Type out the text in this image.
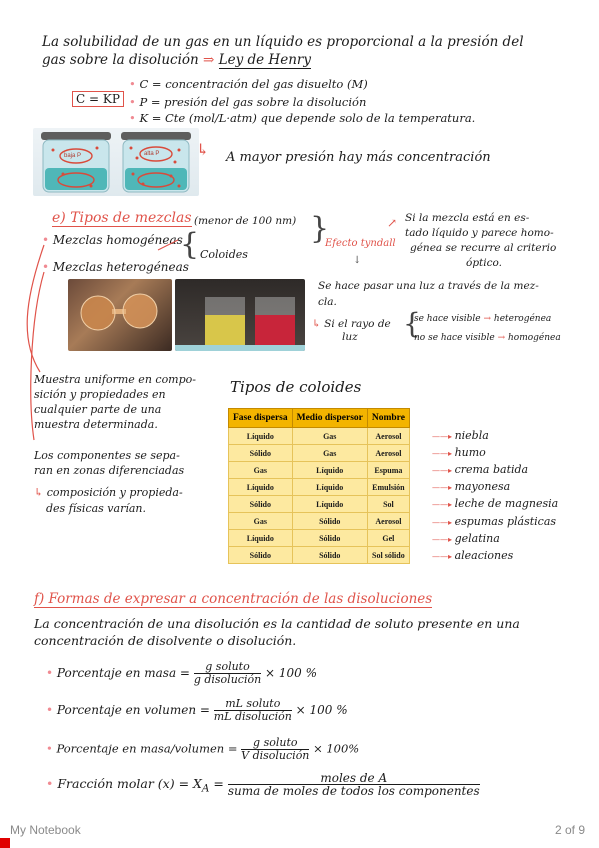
La solubilidad de un gas en un líquido es proporcional a la presión del
gas sobre la disolución ⇒ Ley de Henry
C = KP
• C = concentración del gas disuelto (M)
• P = presión del gas sobre la disolución
• K = Cte (mol/L·atm) que depende solo de la temperatura.
baja P	alta P ↳ A mayor presión hay más concentración
e) Tipos de mezclas
• Mezclas homogéneas
• Mezclas heterogéneas
(menor de 100 nm)
{ Coloides
}
Efecto tyndall
↓
↗ Si la mezcla está en es-
tado líquido y parece homo-
génea se recurre al criterio
óptico.
Se hace pasar una luz a través de la mez-
cla.
↳ Si el rayo de
luz {
se hace visible → heterogénea
no se hace visible → homogénea
Muestra uniforme en compo-
sición y propiedades en
cualquier parte de una
muestra determinada.
Los componentes se sepa-
ran en zonas diferenciadas
↳ composición y propieda-
des físicas varían.
Tipos de coloides
Fase dispersa	Medio dispersor	Nombre
Líquido	Gas	Aerosol
Sólido	Gas	Aerosol
Gas	Líquido	Espuma
Líquido	Líquido	Emulsión
Sólido	Líquido	Sol
Gas	Sólido	Aerosol
Líquido	Sólido	Gel
Sólido	Sólido	Sol sólido
——▸ niebla
——▸ humo
——▸ crema batida
——▸ mayonesa
——▸ leche de magnesia
——▸ espumas plásticas
——▸ gelatina
——▸ aleaciones
f) Formas de expresar a concentración de las disoluciones
La concentración de una disolución es la cantidad de soluto presente en una
concentración de disolvente o disolución.
• Porcentaje en masa = $\frac{\text{g soluto}}{\text{g disolución}} \times 100$ %
• Porcentaje en volumen = $\frac{\text{mL soluto}}{\text{mL disolución}} \times 100$ %
• Porcentaje en masa/volumen = $\frac{\text{g soluto}}{\text{V disolución}} \times 100\%$
• Fracción molar $(x) = X_A = \frac{\text{moles de A}}{\text{suma de moles de todos los componentes}}$
My Notebook	2 of 9
